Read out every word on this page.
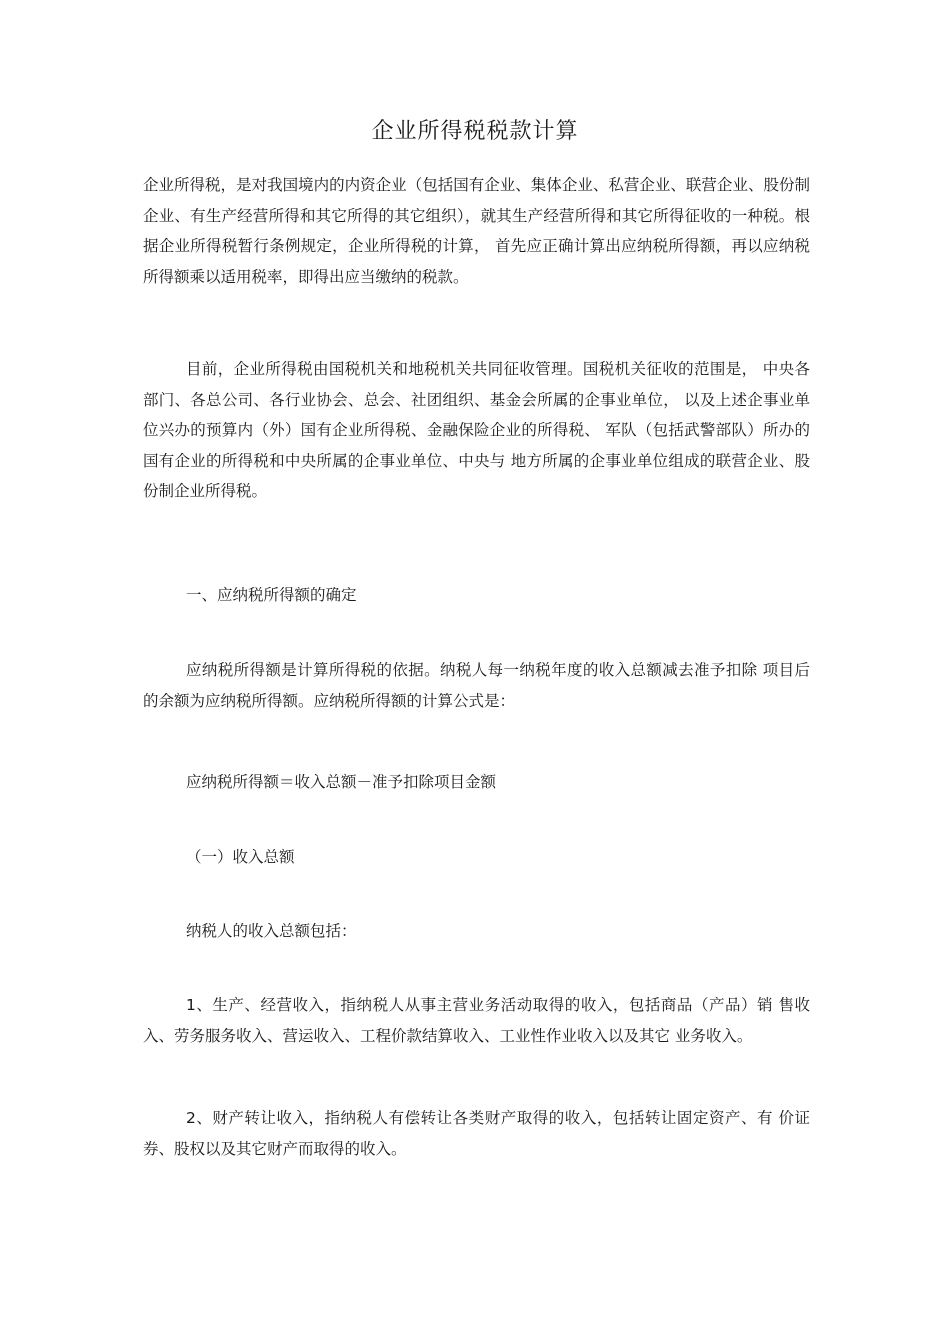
企业所得税税款计算

企业所得税，是对我国境内的内资企业（包括国有企业、集体企业、私营企业、联营企业、股份制企业、有生产经营所得和其它所得的其它组织），就其生产经营所得和其它所得征收的一种税。根据企业所得税暂行条例规定，企业所得税的计算， 首先应正确计算出应纳税所得额，再以应纳税所得额乘以适用税率，即得出应当缴纳的税款。

目前，企业所得税由国税机关和地税机关共同征收管理。国税机关征收的范围是， 中央各部门、各总公司、各行业协会、总会、社团组织、基金会所属的企事业单位， 以及上述企事业单位兴办的预算内（外）国有企业所得税、金融保险企业的所得税、 军队（包括武警部队）所办的国有企业的所得税和中央所属的企事业单位、中央与 地方所属的企事业单位组成的联营企业、股份制企业所得税。

一、应纳税所得额的确定

应纳税所得额是计算所得税的依据。纳税人每一纳税年度的收入总额减去准予扣除 项目后的余额为应纳税所得额。应纳税所得额的计算公式是：

应纳税所得额＝收入总额－准予扣除项目金额

（一）收入总额

纳税人的收入总额包括：

1、生产、经营收入，指纳税人从事主营业务活动取得的收入，包括商品（产品）销 售收入、劳务服务收入、营运收入、工程价款结算收入、工业性作业收入以及其它 业务收入。

2、财产转让收入，指纳税人有偿转让各类财产取得的收入，包括转让固定资产、有 价证券、股权以及其它财产而取得的收入。
